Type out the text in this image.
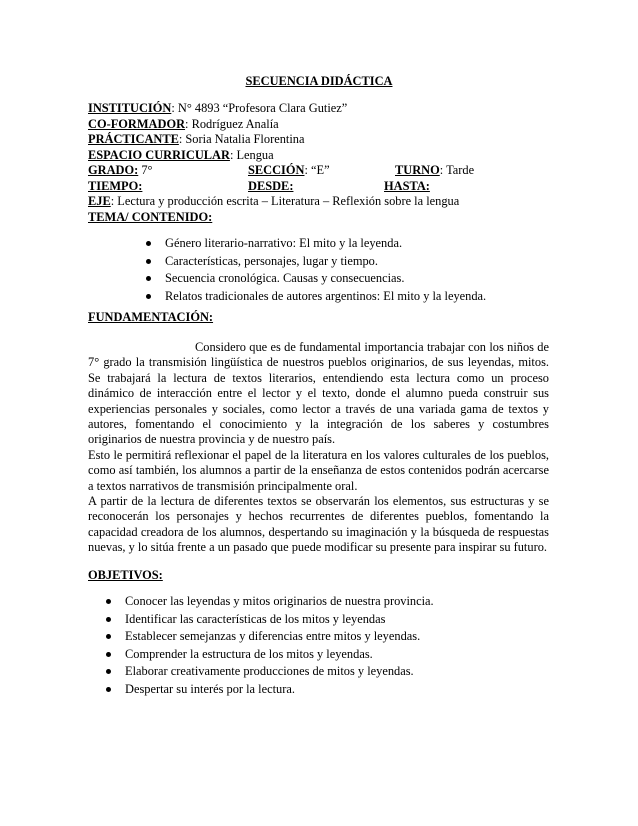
SECUENCIA DIDÁCTICA
INSTITUCIÓN: N° 4893 “Profesora Clara Gutiez”
CO-FORMADOR: Rodríguez Analía
PRÁCTICANTE: Soria Natalia Florentina
ESPACIO CURRICULAR: Lengua
GRADO: 7°	SECCIÓN: “E”	TURNO: Tarde
TIEMPO:	DESDE:	HASTA:
EJE: Lectura y producción escrita – Literatura – Reflexión sobre la lengua
TEMA/ CONTENIDO:
Género literario-narrativo: El mito y la leyenda.
Características, personajes, lugar y tiempo.
Secuencia cronológica. Causas y consecuencias.
Relatos tradicionales de autores argentinos: El mito y la leyenda.
FUNDAMENTACIÓN:

Considero que es de fundamental importancia trabajar con los niños de 7° grado la transmisión lingüística de nuestros pueblos originarios, de sus leyendas, mitos. Se trabajará la lectura de textos literarios, entendiendo esta lectura como un proceso dinámico de interacción entre el lector y el texto, donde el alumno pueda construir sus experiencias personales y sociales, como lector a través de una variada gama de textos y autores, fomentando el conocimiento y la integración de los saberes y costumbres originarios de nuestra provincia y de nuestro país.

Esto le permitirá reflexionar el papel de la literatura en los valores culturales de los pueblos, como así también, los alumnos a partir de la enseñanza de estos contenidos podrán acercarse a textos narrativos de transmisión principalmente oral.

A partir de la lectura de diferentes textos se observarán los elementos, sus estructuras y se reconocerán los personajes y hechos recurrentes de diferentes pueblos, fomentando la capacidad creadora de los alumnos, despertando su imaginación y la búsqueda de respuestas nuevas, y lo sitúa frente a un pasado que puede modificar su presente para inspirar su futuro.

OBJETIVOS:
Conocer las leyendas y mitos originarios de nuestra provincia.
Identificar las características de los mitos y leyendas
Establecer semejanzas y diferencias entre mitos y leyendas.
Comprender la estructura de los mitos y leyendas.
Elaborar creativamente producciones de mitos y leyendas.
Despertar su interés por la lectura.
